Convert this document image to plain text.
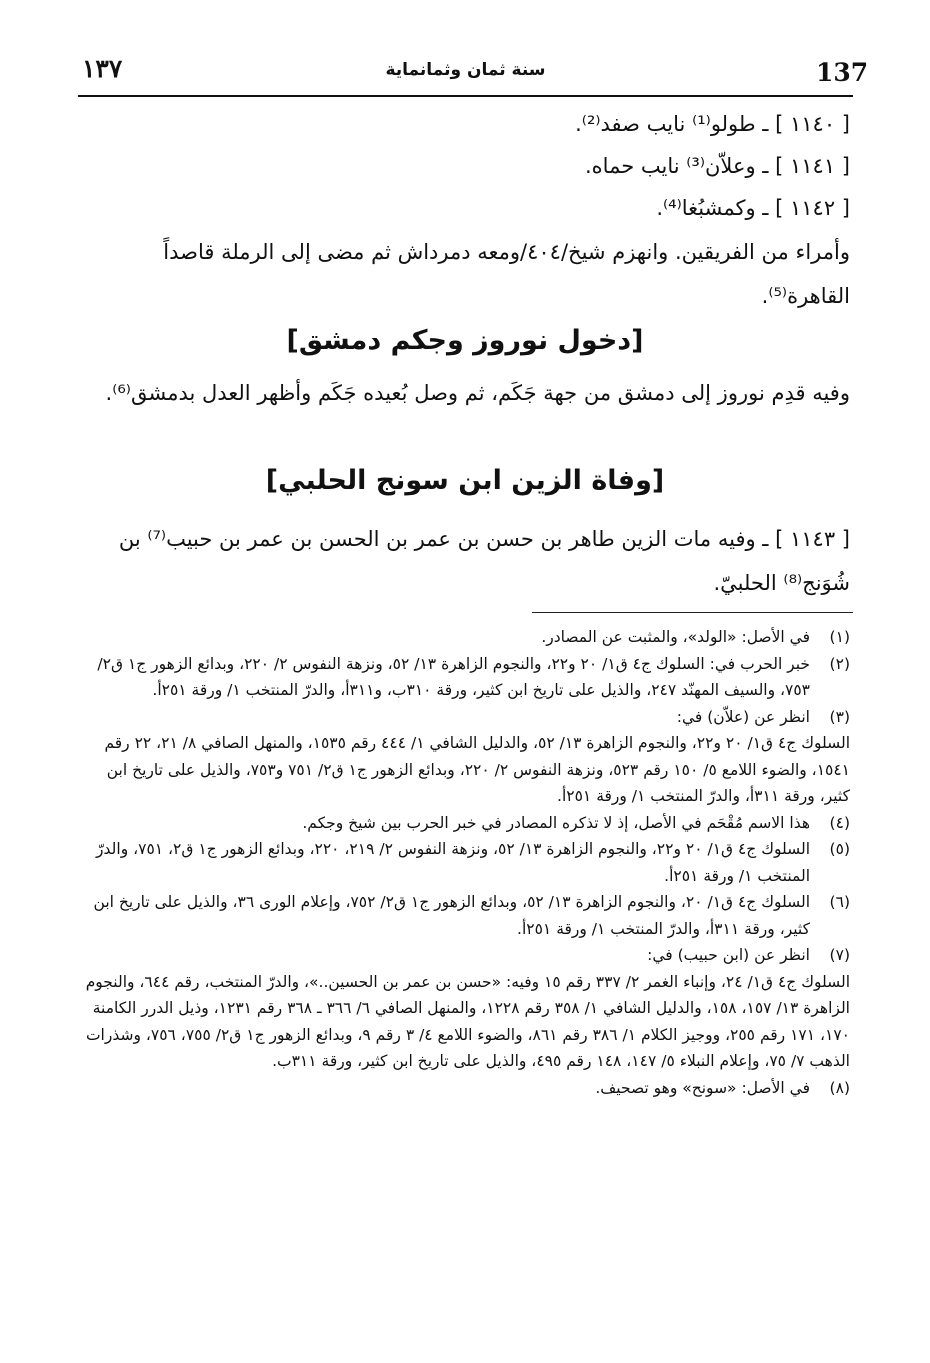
١٣٧	سنة ثمان وثمانماية	137
[ ١١٤٠ ] ـ طولو⁽¹⁾ نايب صفد⁽²⁾.
[ ١١٤١ ] ـ وعلاّن⁽³⁾ نايب حماه.
[ ١١٤٢ ] ـ وكمشبُغا⁽⁴⁾.
وأمراء من الفريقين. وانهزم شيخ/٤٠٤/ومعه دمرداش ثم مضى إلى الرملة قاصداً القاهرة⁽⁵⁾.
[دخول نوروز وجكم دمشق]
وفيه قدِم نوروز إلى دمشق من جهة جَكَم، ثم وصل بُعيده جَكَم وأظهر العدل بدمشق⁽⁶⁾.
[وفاة الزين ابن سونج الحلبي]
[ ١١٤٣ ] ـ وفيه مات الزين طاهر بن حسن بن عمر بن الحسن بن عمر بن حبيب⁽⁷⁾ بن شُوَنج⁽⁸⁾ الحلبيّ.
(١)
في الأصل: «الولد»، والمثبت عن المصادر.
(٢)
خبر الحرب في: السلوك ج٤ ق١/ ٢٠ و٢٢، والنجوم الزاهرة ١٣/ ٥٢، ونزهة النفوس ٢/ ٢٢٠، وبدائع الزهور ج١ ق٢/ ٧٥٣، والسيف المهنّد ٢٤٧، والذيل على تاريخ ابن كثير، ورقة ٣١٠ب، و٣١١أ، والدرّ المنتخب ١/ ورقة ٢٥١أ.
(٣)
انظر عن (علاّن) في:
السلوك ج٤ ق١/ ٢٠ و٢٢، والنجوم الزاهرة ١٣/ ٥٢، والدليل الشافي ١/ ٤٤٤ رقم ١٥٣٥، والمنهل الصافي ٨/ ٢١، ٢٢ رقم ١٥٤١، والضوء اللامع ٥/ ١٥٠ رقم ٥٢٣، ونزهة النفوس ٢/ ٢٢٠، وبدائع الزهور ج١ ق٢/ ٧٥١ و٧٥٣، والذيل على تاريخ ابن كثير، ورقة ٣١١أ، والدرّ المنتخب ١/ ورقة ٢٥١أ.
(٤)
هذا الاسم مُقْحَم في الأصل، إذ لا تذكره المصادر في خبر الحرب بين شيخ وجكم.
(٥)
السلوك ج٤ ق١/ ٢٠ و٢٢، والنجوم الزاهرة ١٣/ ٥٢، ونزهة النفوس ٢/ ٢١٩، ٢٢٠، وبدائع الزهور ج١ ق٢، ٧٥١، والدرّ المنتخب ١/ ورقة ٢٥١أ.
(٦)
السلوك ج٤ ق١/ ٢٠، والنجوم الزاهرة ١٣/ ٥٢، وبدائع الزهور ج١ ق٢/ ٧٥٢، وإعلام الورى ٣٦، والذيل على تاريخ ابن كثير، ورقة ٣١١أ، والدرّ المنتخب ١/ ورقة ٢٥١أ.
(٧)
انظر عن (ابن حبيب) في:
السلوك ج٤ ق١/ ٢٤، وإنباء الغمر ٢/ ٣٣٧ رقم ١٥ وفيه: «حسن بن عمر بن الحسين..»، والدرّ المنتخب، رقم ٦٤٤، والنجوم الزاهرة ١٣/ ١٥٧، ١٥٨، والدليل الشافي ١/ ٣٥٨ رقم ١٢٢٨، والمنهل الصافي ٦/ ٣٦٦ ـ ٣٦٨ رقم ١٢٣١، وذيل الدرر الكامنة ١٧٠، ١٧١ رقم ٢٥٥، ووجيز الكلام ١/ ٣٨٦ رقم ٨٦١، والضوء اللامع ٤/ ٣ رقم ٩، وبدائع الزهور ج١ ق٢/ ٧٥٥، ٧٥٦، وشذرات الذهب ٧/ ٧٥، وإعلام النبلاء ٥/ ١٤٧، ١٤٨ رقم ٤٩٥، والذيل على تاريخ ابن كثير، ورقة ٣١١ب.
(٨)
في الأصل: «سونح» وهو تصحيف.
